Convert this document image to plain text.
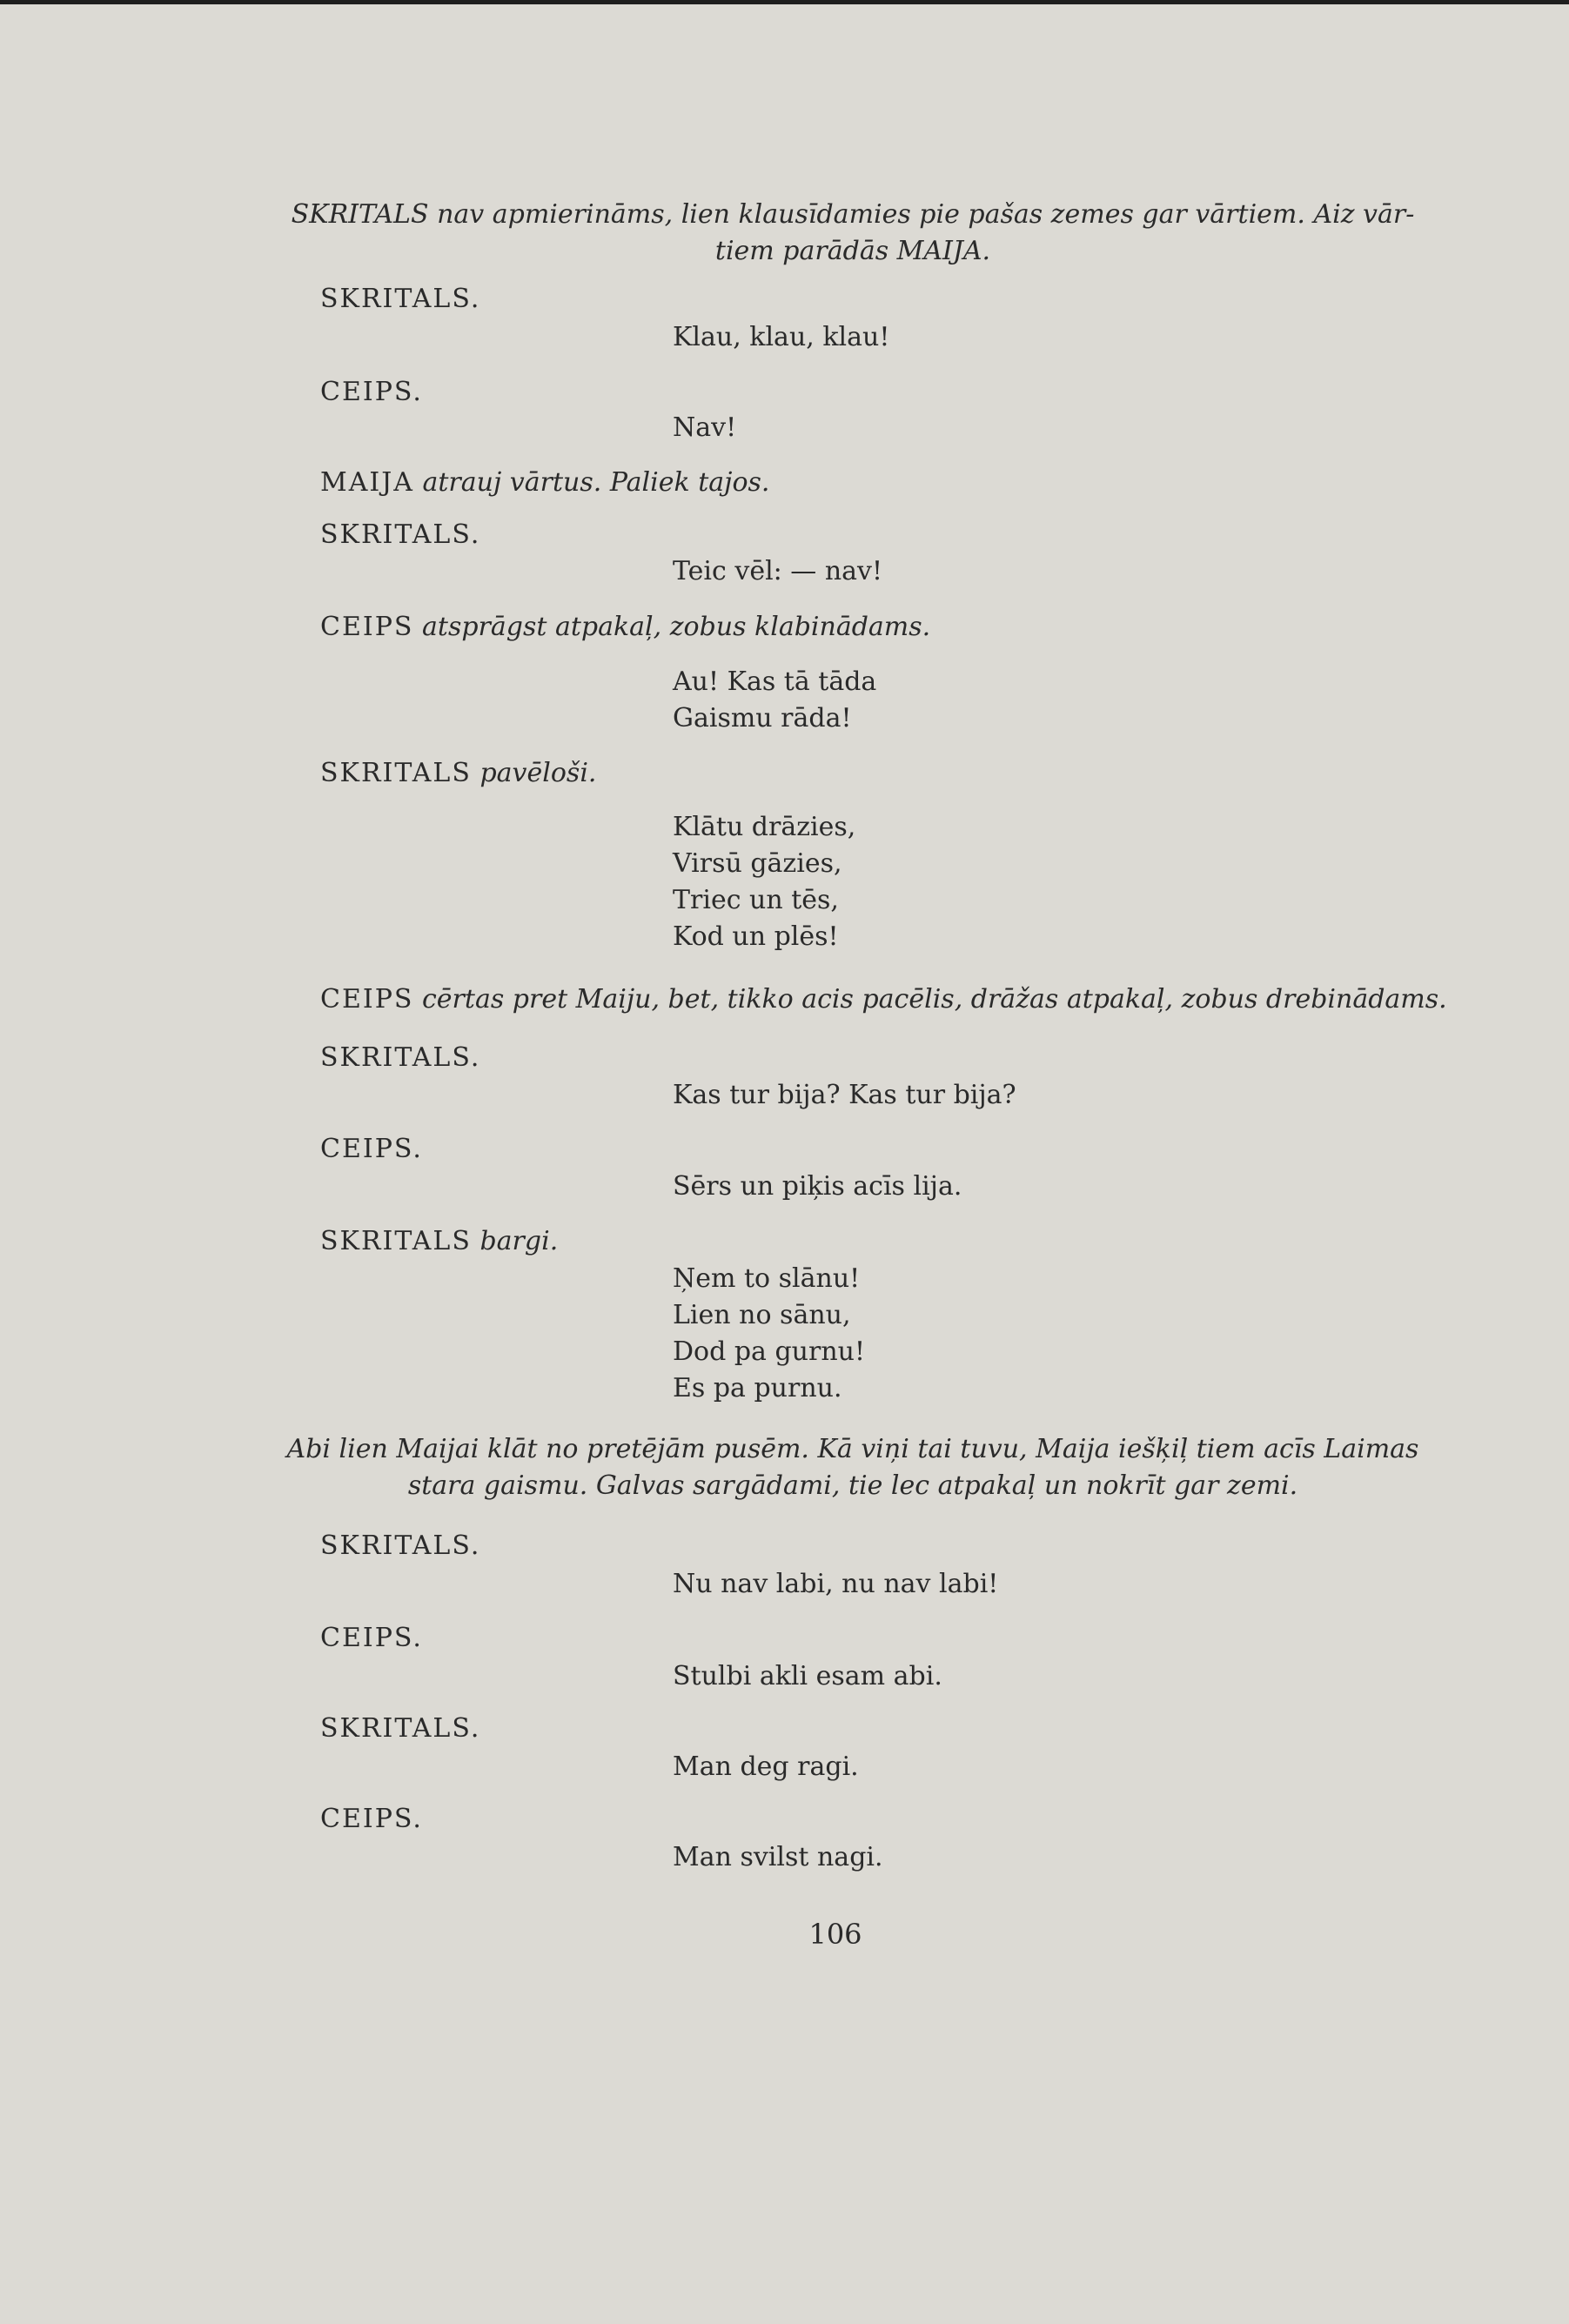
SKRITALS nav apmierināms, lien klausīdamies pie pašas zemes gar vārtiem. Aiz vār-
tiem parādās MAIJA.
SKRITALS.
Klau, klau, klau!
CEIPS.
Nav!
MAIJA atrauj vārtus. Paliek tajos.
SKRITALS.
Teic vēl: — nav!
CEIPS atsprāgst atpakaļ, zobus klabinādams.
Au! Kas tā tāda
Gaismu rāda!
SKRITALS pavēloši.
Klātu drāzies,
Virsū gāzies,
Triec un tēs,
Kod un plēs!
CEIPS cērtas pret Maiju, bet, tikko acis pacēlis, drāžas atpakaļ, zobus drebinādams.
SKRITALS.
Kas tur bija? Kas tur bija?
CEIPS.
Sērs un piķis acīs lija.
SKRITALS bargi.
Ņem to slānu!
Lien no sānu,
Dod pa gurnu!
Es pa purnu.
Abi lien Maijai klāt no pretējām pusēm. Kā viņi tai tuvu, Maija iešķiļ tiem acīs Laimas
stara gaismu. Galvas sargādami, tie lec atpakaļ un nokrīt gar zemi.
SKRITALS.
Nu nav labi, nu nav labi!
CEIPS.
Stulbi akli esam abi.
SKRITALS.
Man deg ragi.
CEIPS.
Man svilst nagi.
106
